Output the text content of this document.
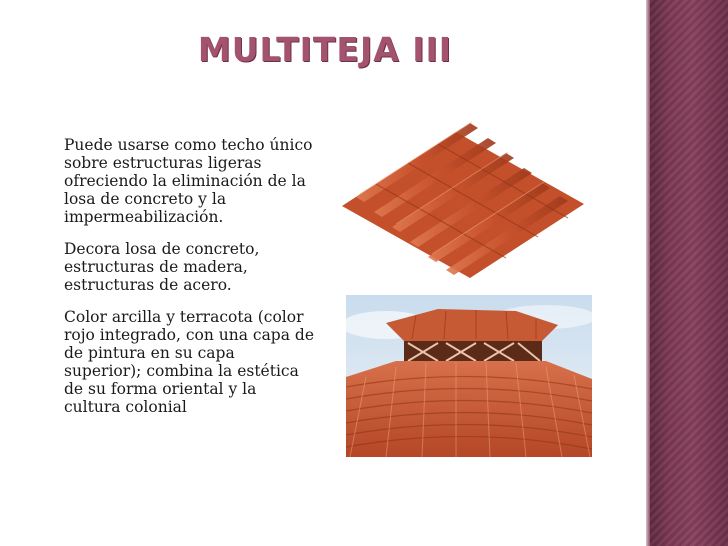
MULTITEJA III

Puede usarse como techo único sobre estructuras ligeras ofreciendo la eliminación de la losa de concreto y la impermeabilización.

Decora losa de concreto, estructuras de madera, estructuras de acero.

Color arcilla y terracota (color rojo integrado, con una capa de de pintura en su capa superior); combina la estética de su forma oriental y la cultura colonial
